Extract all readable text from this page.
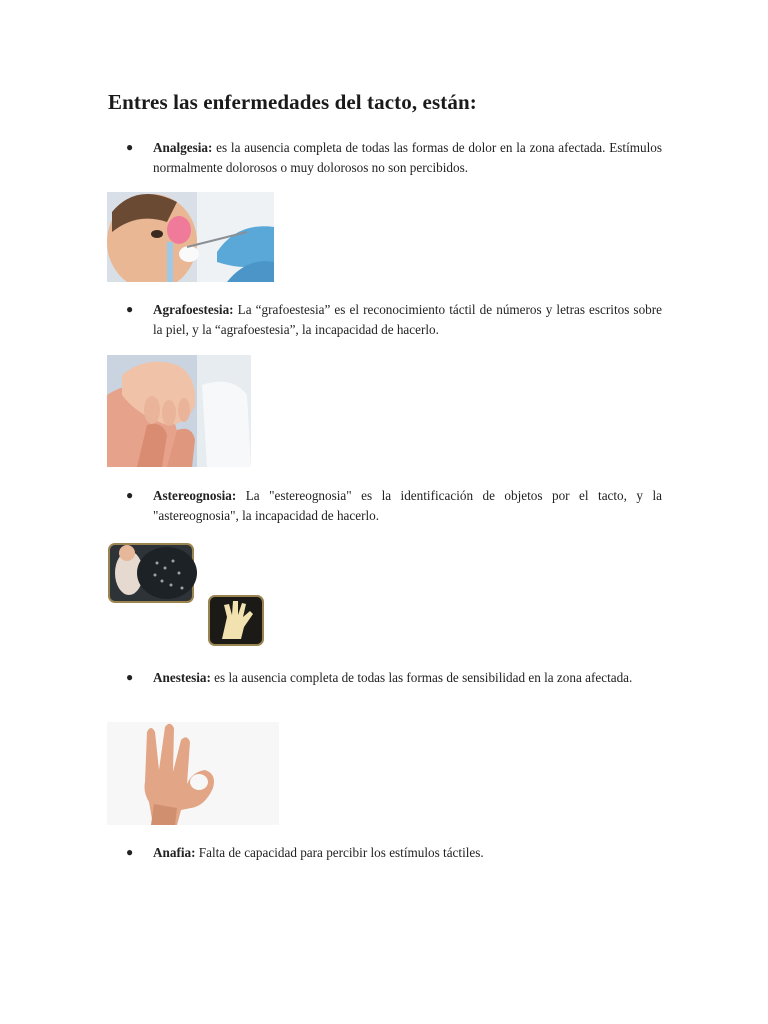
Entres las enfermedades del tacto, están:
● Analgesia: es la ausencia completa de todas las formas de dolor en la zona afectada. Estímulos normalmente dolorosos o muy dolorosos no son percibidos.
● Agrafoestesia: La “grafoestesia” es el reconocimiento táctil de números y letras escritos sobre la piel, y la “agrafoestesia”, la incapacidad de hacerlo.
● Astereognosia: La "estereognosia" es la identificación de objetos por el tacto, y la "astereognosia", la incapacidad de hacerlo.
● Anestesia: es la ausencia completa de todas las formas de sensibilidad en la zona afectada.
● Anafia: Falta de capacidad para percibir los estímulos táctiles.
